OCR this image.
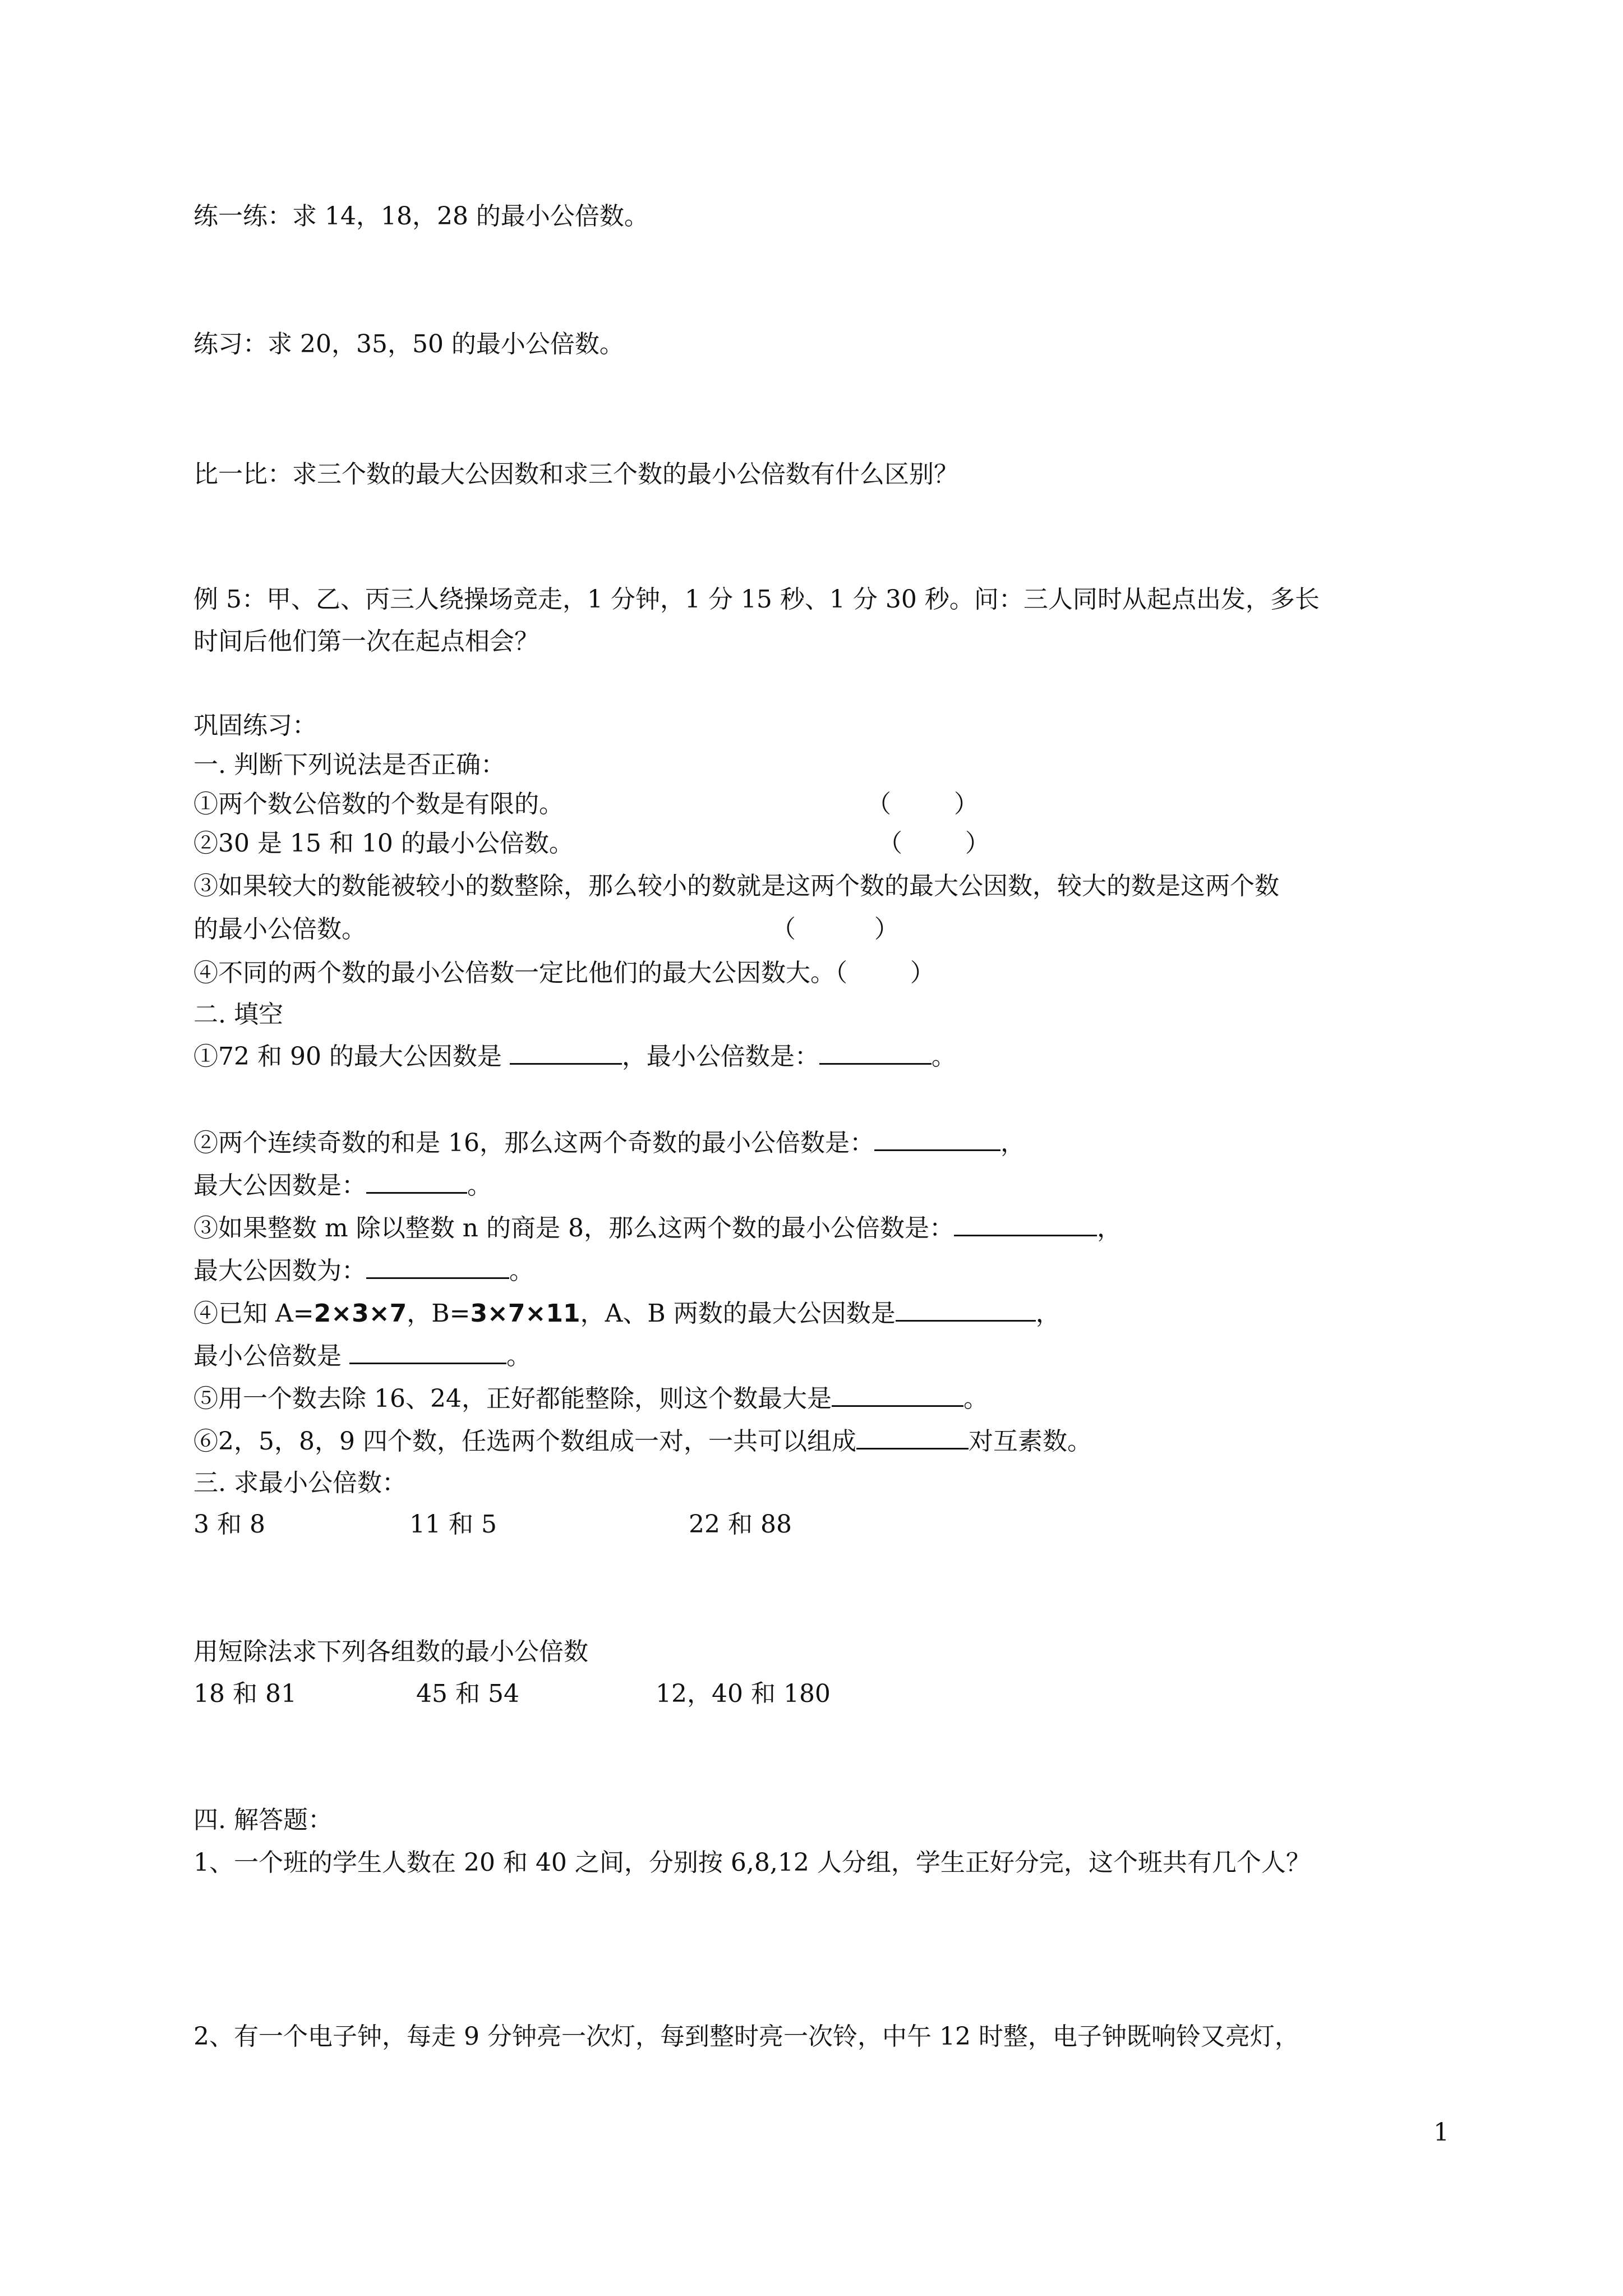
练一练：求 14，18，28 的最小公倍数。

练习：求 20，35，50 的最小公倍数。

比一比：求三个数的最大公因数和求三个数的最小公倍数有什么区别？

例 5：甲、乙、丙三人绕操场竞走，1 分钟，1 分 15 秒、1 分 30 秒。问：三人同时从起点出发，多长

时间后他们第一次在起点相会？

巩固练习：

一. 判断下列说法是否正确：

①两个数公倍数的个数是有限的。	（        ）

②30 是 15 和 10 的最小公倍数。	（        ）

③如果较大的数能被较小的数整除，那么较小的数就是这两个数的最大公因数，较大的数是这两个数

的最小公倍数。	（          ）

④不同的两个数的最小公倍数一定比他们的最大公因数大。（        ）

二. 填空

①72 和 90 的最大公因数是	，最小公倍数是：	。

②两个连续奇数的和是 16，那么这两个奇数的最小公倍数是：	，

最大公因数是：	。

③如果整数 m 除以整数 n 的商是 8，那么这两个数的最小公倍数是：	，

最大公因数为：	。

④已知 A=2×3×7，B=3×7×11，A、B 两数的最大公因数是	，

最小公倍数是	。

⑤用一个数去除 16、24，正好都能整除，则这个数最大是	。

⑥2，5，8，9 四个数，任选两个数组成一对，一共可以组成	对互素数。

三. 求最小公倍数：

3 和 8	11 和 5	22 和 88

用短除法求下列各组数的最小公倍数

18 和 81	45 和 54	12，40 和 180

四. 解答题：

1、一个班的学生人数在 20 和 40 之间，分别按 6,8,12 人分组，学生正好分完，这个班共有几个人？

2、有一个电子钟，每走 9 分钟亮一次灯，每到整时亮一次铃，中午 12 时整，电子钟既响铃又亮灯，

1
